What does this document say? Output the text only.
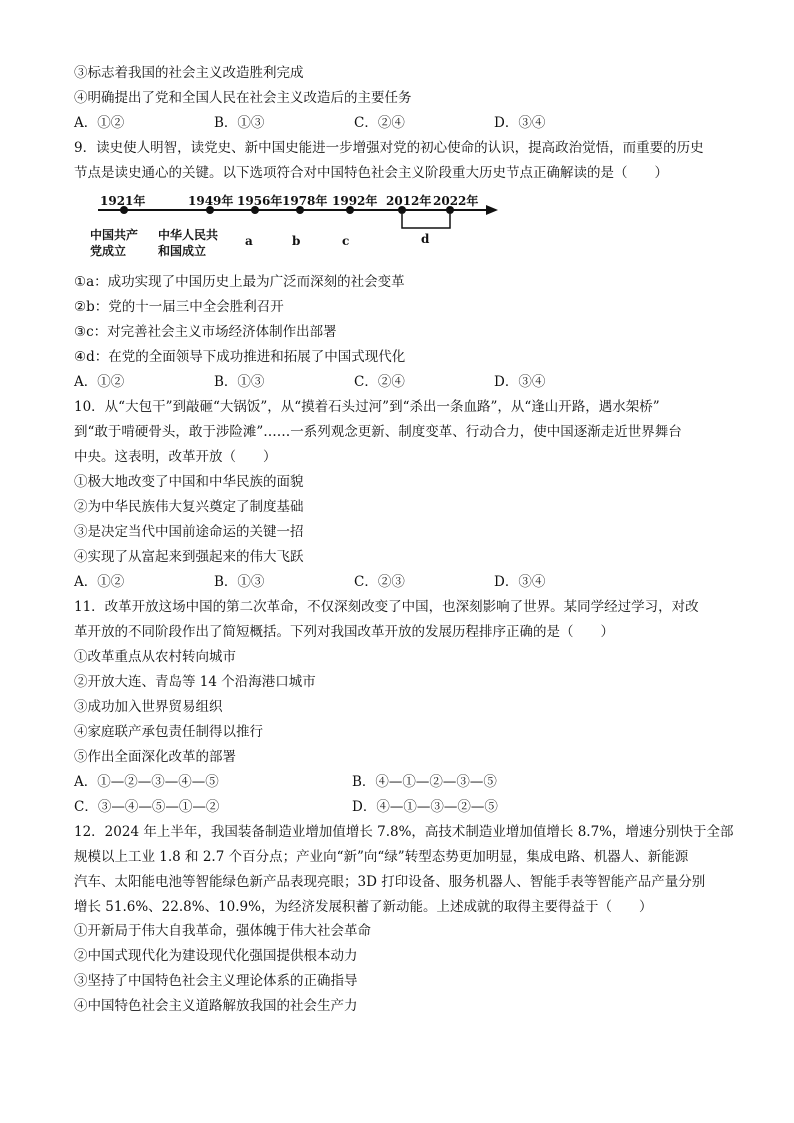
③标志着我国的社会主义改造胜利完成
④明确提出了党和全国人民在社会主义改造后的主要任务
A．①②	B．①③	C．②④	D．③④
9．读史使人明智，读党史、新中国史能进一步增强对党的初心使命的认识，提高政治觉悟，而重要的历史
节点是读史通心的关键。以下选项符合对中国特色社会主义阶段重大历史节点正确解读的是（　　）
1921年	1949年 1956年 1978年 1992年 2012年 2022年
中国共产
党成立
中华人民共
和国成立
a	b	c	d
①a：成功实现了中国历史上最为广泛而深刻的社会变革
②b：党的十一届三中全会胜利召开
③c：对完善社会主义市场经济体制作出部署
④d：在党的全面领导下成功推进和拓展了中国式现代化
A．①②	B．①③	C．②④	D．③④
10．从“大包干”到敲砸“大锅饭”，从“摸着石头过河”到“杀出一条血路”，从“逢山开路，遇水架桥”
到“敢于啃硬骨头，敢于涉险滩”……一系列观念更新、制度变革、行动合力，使中国逐渐走近世界舞台
中央。这表明，改革开放（　　）
①极大地改变了中国和中华民族的面貌
②为中华民族伟大复兴奠定了制度基础
③是决定当代中国前途命运的关键一招
④实现了从富起来到强起来的伟大飞跃
A．①②	B．①③	C．②③	D．③④
11．改革开放这场中国的第二次革命，不仅深刻改变了中国，也深刻影响了世界。某同学经过学习，对改
革开放的不同阶段作出了简短概括。下列对我国改革开放的发展历程排序正确的是（　　）
①改革重点从农村转向城市
②开放大连、青岛等 14 个沿海港口城市
③成功加入世界贸易组织
④家庭联产承包责任制得以推行
⑤作出全面深化改革的部署
A．①—②—③—④—⑤	B．④—①—②—③—⑤
C．③—④—⑤—①—②	D．④—①—③—②—⑤
12．2024 年上半年，我国装备制造业增加值增长 7.8%，高技术制造业增加值增长 8.7%，增速分别快于全部
规模以上工业 1.8 和 2.7 个百分点；产业向“新”向“绿”转型态势更加明显，集成电路、机器人、新能源
汽车、太阳能电池等智能绿色新产品表现亮眼；3D 打印设备、服务机器人、智能手表等智能产品产量分别
增长 51.6%、22.8%、10.9%，为经济发展积蓄了新动能。上述成就的取得主要得益于（　　）
①开新局于伟大自我革命，强体魄于伟大社会革命
②中国式现代化为建设现代化强国提供根本动力
③坚持了中国特色社会主义理论体系的正确指导
④中国特色社会主义道路解放我国的社会生产力
